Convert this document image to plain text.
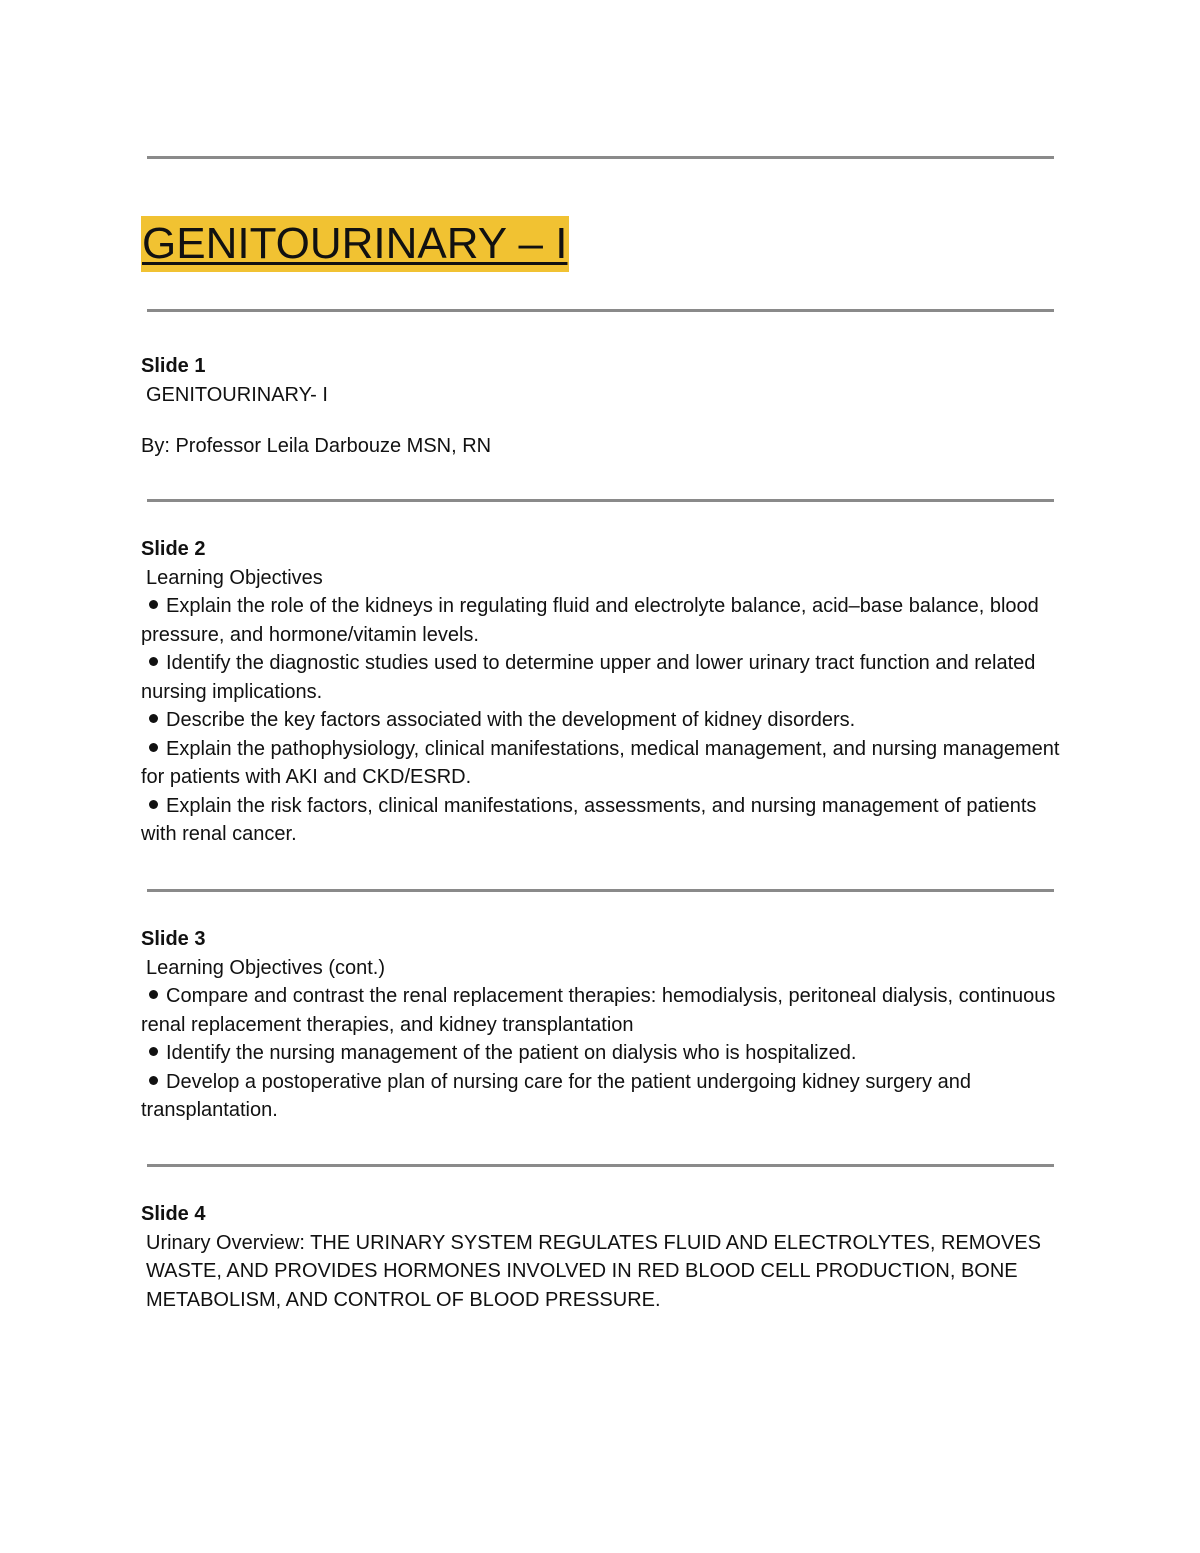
GENITOURINARY – I
Slide 1
GENITOURINARY- I
By: Professor Leila Darbouze MSN, RN
Slide 2
Learning Objectives
Explain the role of the kidneys in regulating fluid and electrolyte balance, acid–base balance, blood pressure, and hormone/vitamin levels.
Identify the diagnostic studies used to determine upper and lower urinary tract function and related nursing implications.
Describe the key factors associated with the development of kidney disorders.
Explain the pathophysiology, clinical manifestations, medical management, and nursing management for patients with AKI and CKD/ESRD.
Explain the risk factors, clinical manifestations, assessments, and nursing management of patients with renal cancer.
Slide 3
Learning Objectives (cont.)
Compare and contrast the renal replacement therapies: hemodialysis, peritoneal dialysis, continuous renal replacement therapies, and kidney transplantation
Identify the nursing management of the patient on dialysis who is hospitalized.
Develop a postoperative plan of nursing care for the patient undergoing kidney surgery and transplantation.
Slide 4
Urinary Overview: THE URINARY SYSTEM REGULATES FLUID AND ELECTROLYTES, REMOVES WASTE, AND PROVIDES HORMONES INVOLVED IN RED BLOOD CELL PRODUCTION, BONE METABOLISM, AND CONTROL OF BLOOD PRESSURE.
